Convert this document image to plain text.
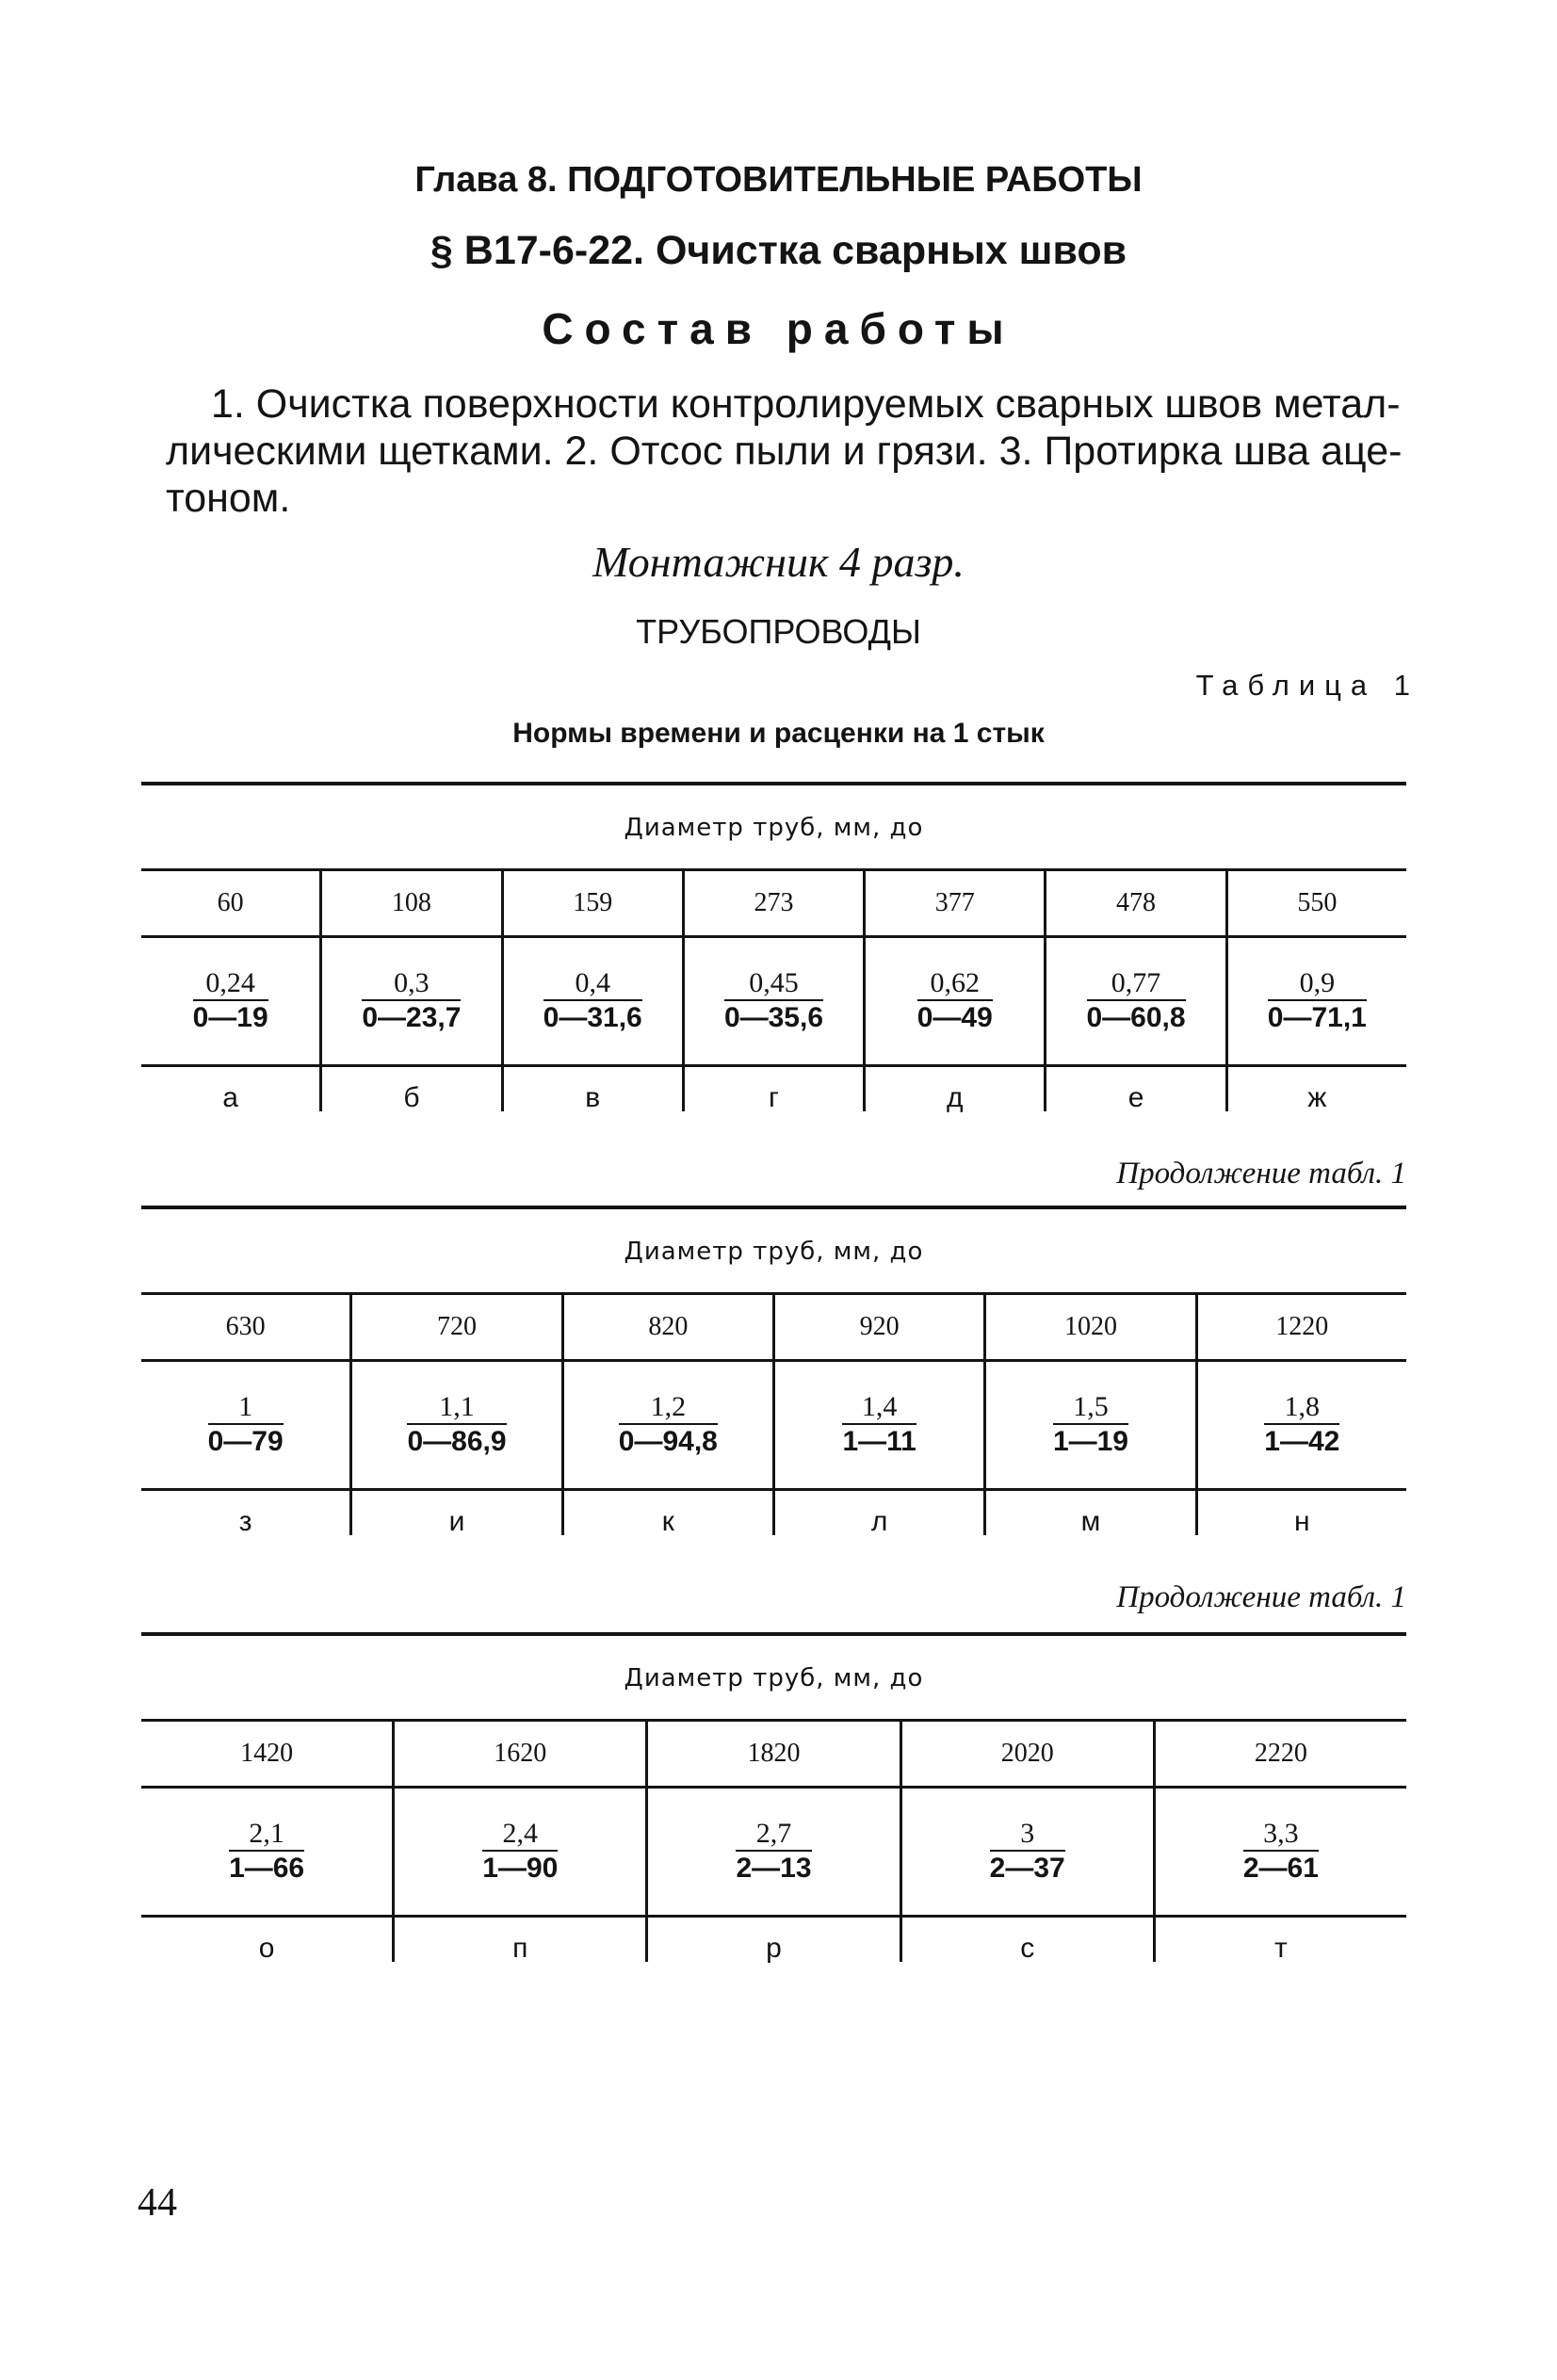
Глава 8. ПОДГОТОВИТЕЛЬНЫЕ РАБОТЫ
§ В17-6-22. Очистка сварных швов
Состав работы
1. Очистка поверхности контролируемых сварных швов метал-
лическими щетками. 2. Отсос пыли и грязи. 3. Протирка шва аце-
тоном.
Монтажник 4 разр.
ТРУБОПРОВОДЫ
Таблица 1
Нормы времени и расценки на 1 стык
Диаметр труб, мм, до
60
$\frac{0,24}{0—19}$
а
108
$\frac{0,3}{0—23,7}$
б
159
$\frac{0,4}{0—31,6}$
в
273
$\frac{0,45}{0—35,6}$
г
377
$\frac{0,62}{0—49}$
д
478
$\frac{0,77}{0—60,8}$
е
550
$\frac{0,9}{0—71,1}$
ж
Продолжение табл. 1
Диаметр труб, мм, до
630
$\frac{1}{0—79}$
з
720
$\frac{1,1}{0—86,9}$
и
820
$\frac{1,2}{0—94,8}$
к
920
$\frac{1,4}{1—11}$
л
1020
$\frac{1,5}{1—19}$
м
1220
$\frac{1,8}{1—42}$
н
Продолжение табл. 1
Диаметр труб, мм, до
1420
$\frac{2,1}{1—66}$
о
1620
$\frac{2,4}{1—90}$
п
1820
$\frac{2,7}{2—13}$
р
2020
$\frac{3}{2—37}$
с
2220
$\frac{3,3}{2—61}$
т
44
